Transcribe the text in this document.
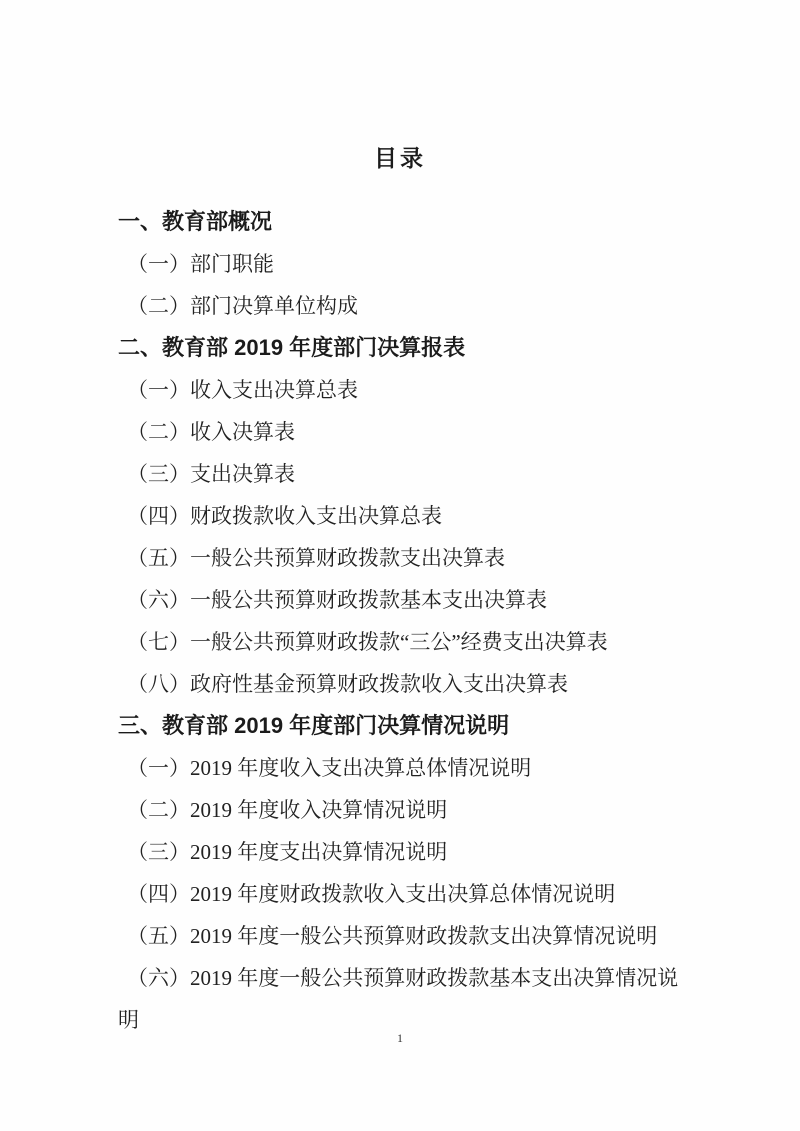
目录
一、教育部概况
（一）部门职能
（二）部门决算单位构成
二、教育部 2019 年度部门决算报表
（一）收入支出决算总表
（二）收入决算表
（三）支出决算表
（四）财政拨款收入支出决算总表
（五）一般公共预算财政拨款支出决算表
（六）一般公共预算财政拨款基本支出决算表
（七）一般公共预算财政拨款“三公”经费支出决算表
（八）政府性基金预算财政拨款收入支出决算表
三、教育部 2019 年度部门决算情况说明
（一）2019 年度收入支出决算总体情况说明
（二）2019 年度收入决算情况说明
（三）2019 年度支出决算情况说明
（四）2019 年度财政拨款收入支出决算总体情况说明
（五）2019 年度一般公共预算财政拨款支出决算情况说明
（六）2019 年度一般公共预算财政拨款基本支出决算情况说
明
1
